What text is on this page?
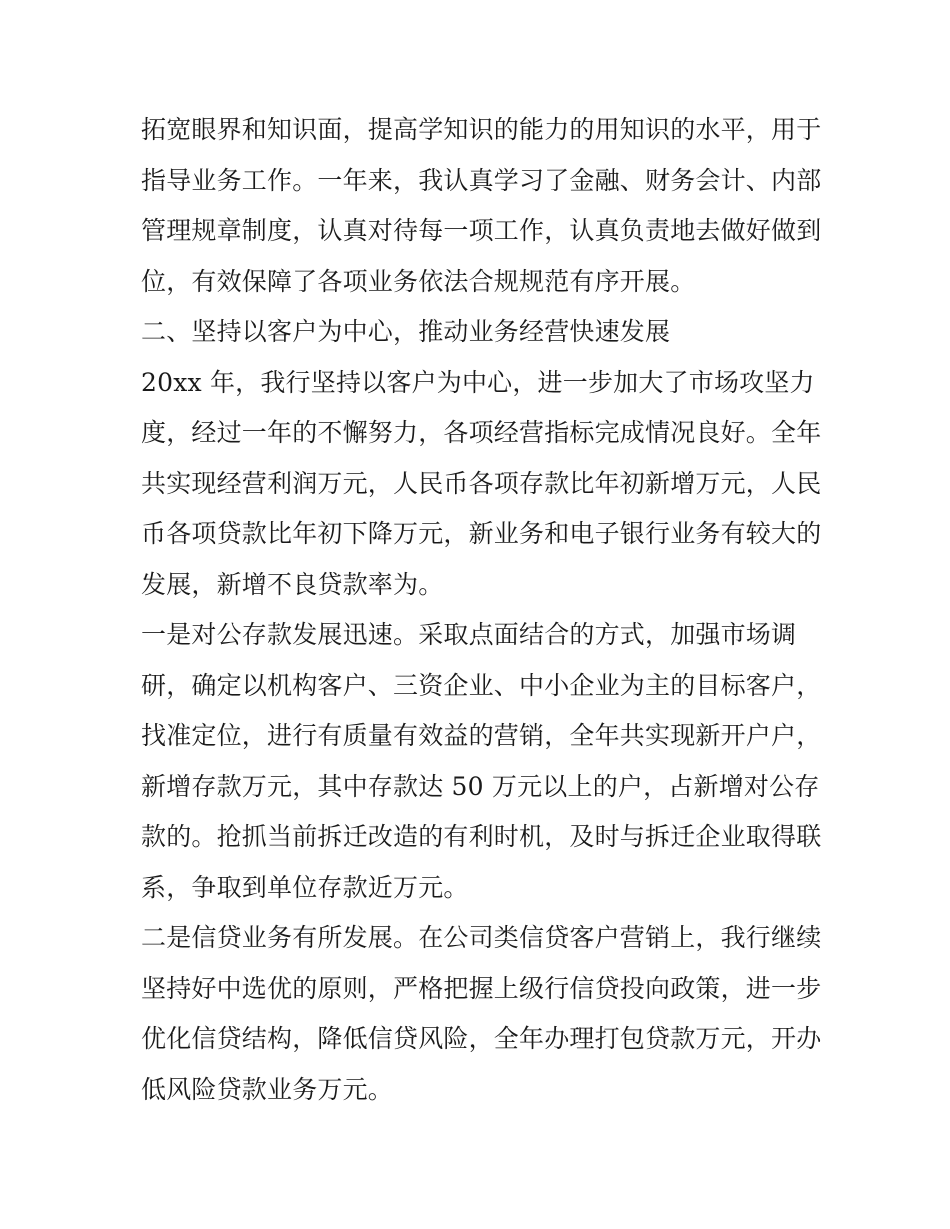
拓宽眼界和知识面，提高学知识的能力的用知识的水平，用于
指导业务工作。一年来，我认真学习了金融、财务会计、内部
管理规章制度，认真对待每一项工作，认真负责地去做好做到
位，有效保障了各项业务依法合规规范有序开展。
二、坚持以客户为中心，推动业务经营快速发展
20xx 年，我行坚持以客户为中心，进一步加大了市场攻坚力
度，经过一年的不懈努力，各项经营指标完成情况良好。全年
共实现经营利润万元，人民币各项存款比年初新增万元，人民
币各项贷款比年初下降万元，新业务和电子银行业务有较大的
发展，新增不良贷款率为。
一是对公存款发展迅速。采取点面结合的方式，加强市场调
研，确定以机构客户、三资企业、中小企业为主的目标客户，
找准定位，进行有质量有效益的营销，全年共实现新开户户，
新增存款万元，其中存款达 50 万元以上的户，占新增对公存
款的。抢抓当前拆迁改造的有利时机，及时与拆迁企业取得联
系，争取到单位存款近万元。
二是信贷业务有所发展。在公司类信贷客户营销上，我行继续
坚持好中选优的原则，严格把握上级行信贷投向政策，进一步
优化信贷结构，降低信贷风险，全年办理打包贷款万元，开办
低风险贷款业务万元。
